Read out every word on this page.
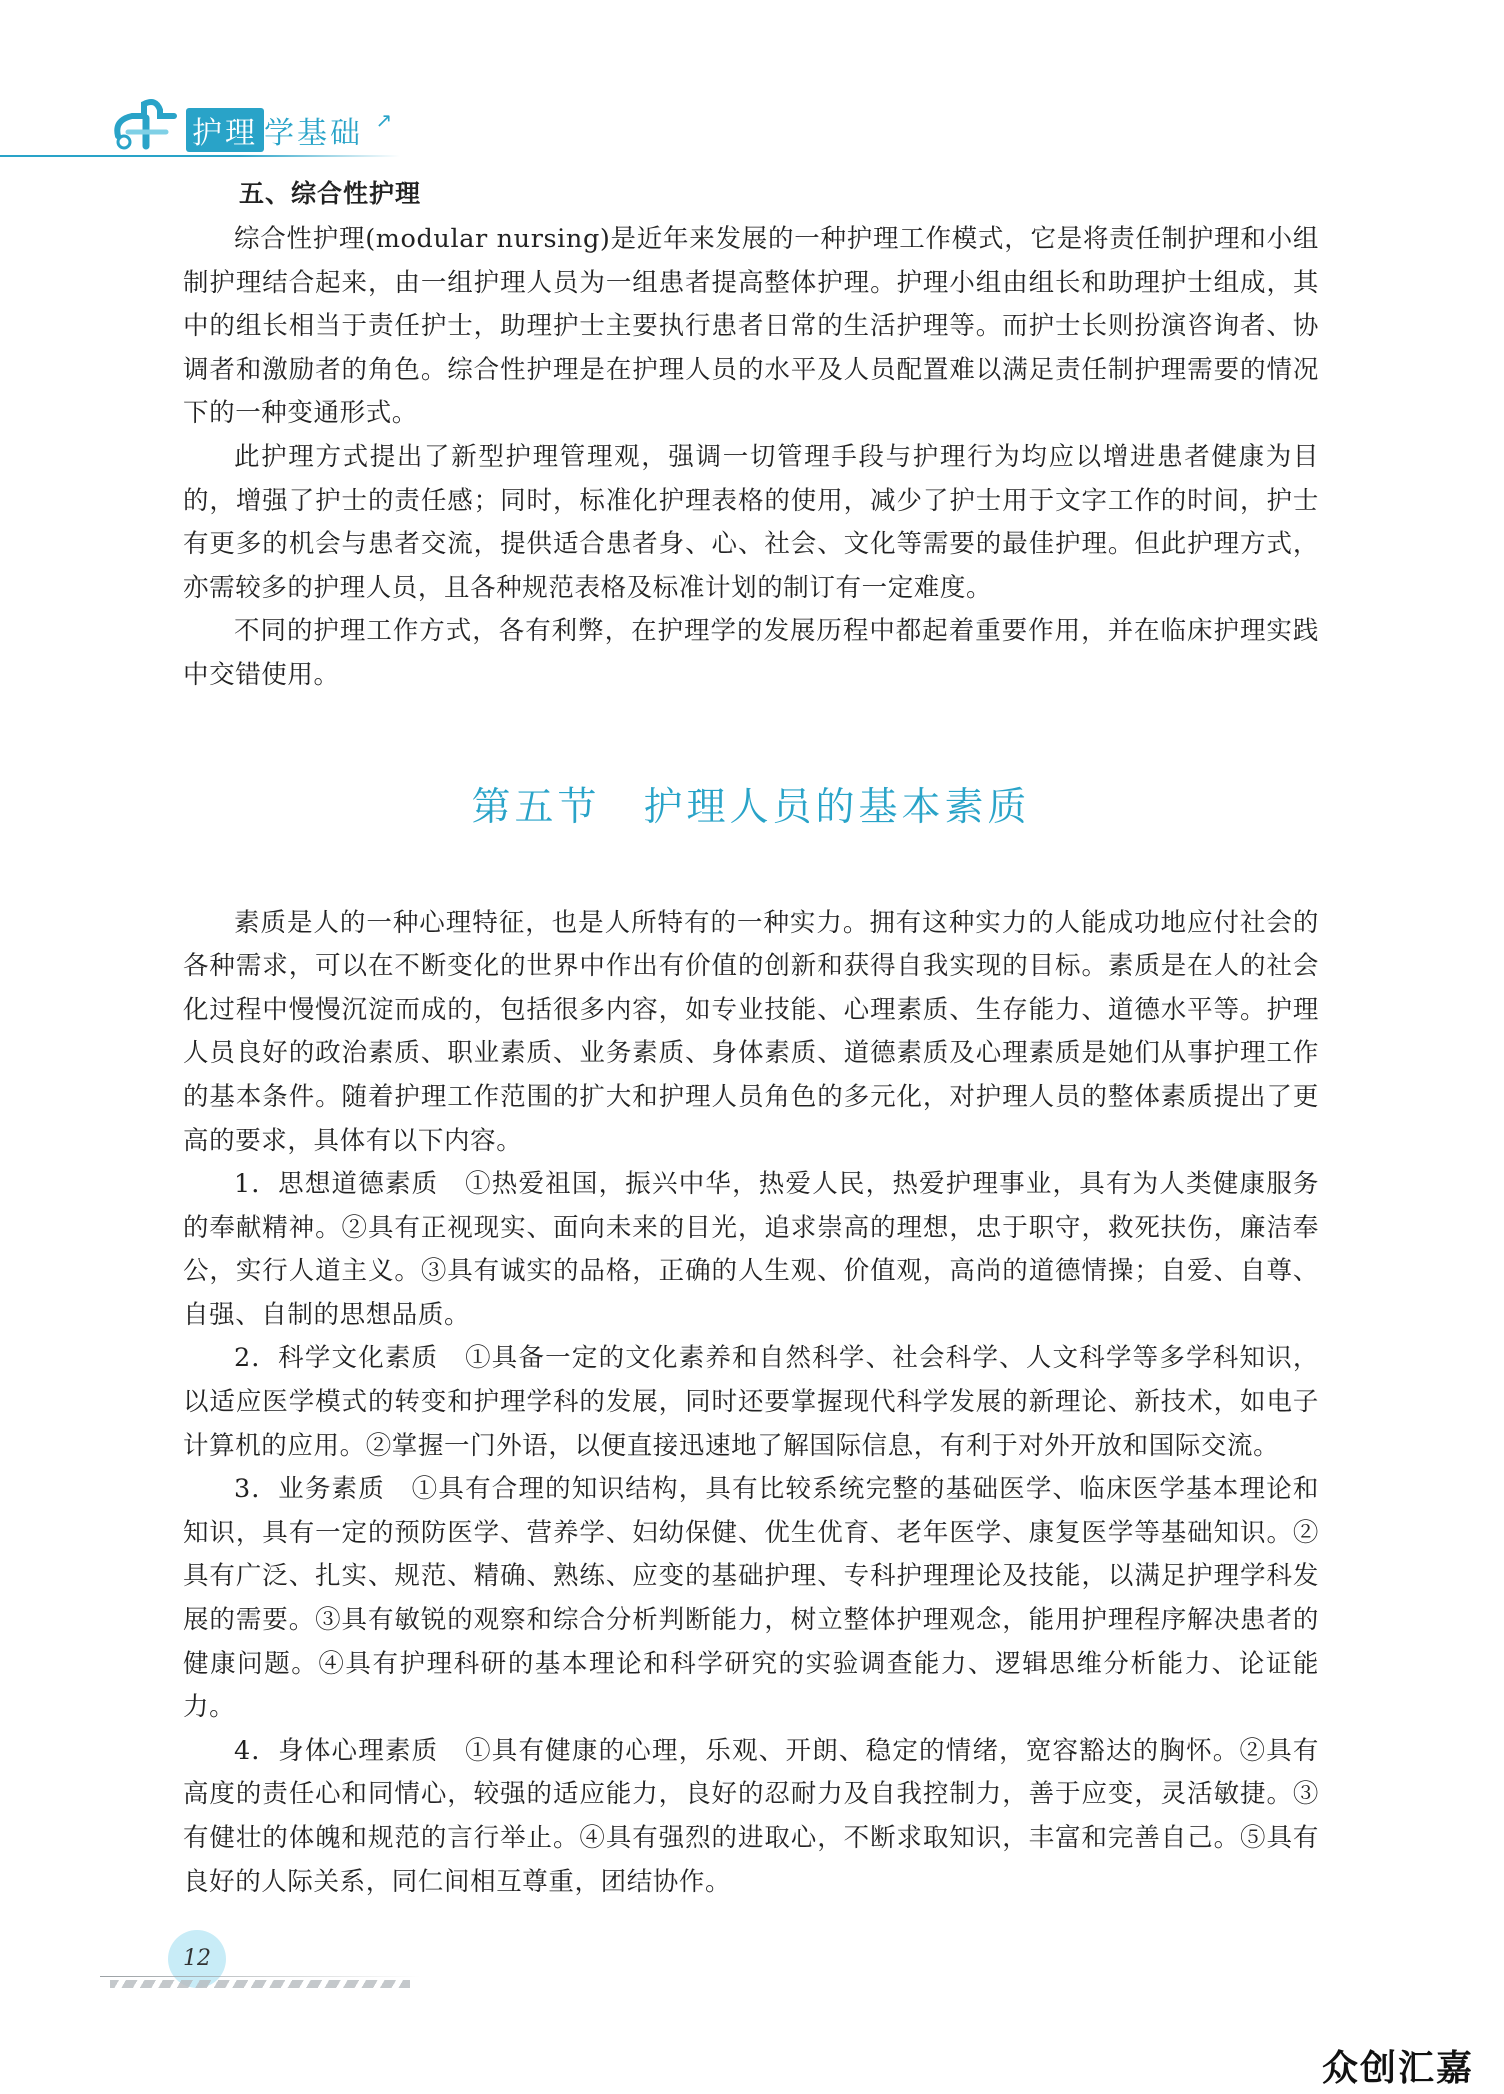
护理 学基础 ↗
五、综合性护理

综合性护理(modular nursing)是近年来发展的一种护理工作模式，它是将责任制护理和小组制护理结合起来，由一组护理人员为一组患者提高整体护理。护理小组由组长和助理护士组成，其中的组长相当于责任护士，助理护士主要执行患者日常的生活护理等。而护士长则扮演咨询者、协调者和激励者的角色。综合性护理是在护理人员的水平及人员配置难以满足责任制护理需要的情况下的一种变通形式。

此护理方式提出了新型护理管理观，强调一切管理手段与护理行为均应以增进患者健康为目的，增强了护士的责任感；同时，标准化护理表格的使用，减少了护士用于文字工作的时间，护士有更多的机会与患者交流，提供适合患者身、心、社会、文化等需要的最佳护理。但此护理方式，亦需较多的护理人员，且各种规范表格及标准计划的制订有一定难度。

不同的护理工作方式，各有利弊，在护理学的发展历程中都起着重要作用，并在临床护理实践中交错使用。

第五节　护理人员的基本素质

素质是人的一种心理特征，也是人所特有的一种实力。拥有这种实力的人能成功地应付社会的各种需求，可以在不断变化的世界中作出有价值的创新和获得自我实现的目标。素质是在人的社会化过程中慢慢沉淀而成的，包括很多内容，如专业技能、心理素质、生存能力、道德水平等。护理人员良好的政治素质、职业素质、业务素质、身体素质、道德素质及心理素质是她们从事护理工作的基本条件。随着护理工作范围的扩大和护理人员角色的多元化，对护理人员的整体素质提出了更高的要求，具体有以下内容。

1．思想道德素质　①热爱祖国，振兴中华，热爱人民，热爱护理事业，具有为人类健康服务的奉献精神。②具有正视现实、面向未来的目光，追求崇高的理想，忠于职守，救死扶伤，廉洁奉公，实行人道主义。③具有诚实的品格，正确的人生观、价值观，高尚的道德情操；自爱、自尊、自强、自制的思想品质。

2．科学文化素质　①具备一定的文化素养和自然科学、社会科学、人文科学等多学科知识，以适应医学模式的转变和护理学科的发展，同时还要掌握现代科学发展的新理论、新技术，如电子计算机的应用。②掌握一门外语，以便直接迅速地了解国际信息，有利于对外开放和国际交流。

3．业务素质　①具有合理的知识结构，具有比较系统完整的基础医学、临床医学基本理论和知识，具有一定的预防医学、营养学、妇幼保健、优生优育、老年医学、康复医学等基础知识。②具有广泛、扎实、规范、精确、熟练、应变的基础护理、专科护理理论及技能，以满足护理学科发展的需要。③具有敏锐的观察和综合分析判断能力，树立整体护理观念，能用护理程序解决患者的健康问题。④具有护理科研的基本理论和科学研究的实验调查能力、逻辑思维分析能力、论证能力。

4．身体心理素质　①具有健康的心理，乐观、开朗、稳定的情绪，宽容豁达的胸怀。②具有高度的责任心和同情心，较强的适应能力，良好的忍耐力及自我控制力，善于应变，灵活敏捷。③有健壮的体魄和规范的言行举止。④具有强烈的进取心，不断求取知识，丰富和完善自己。⑤具有良好的人际关系，同仁间相互尊重，团结协作。

12
众创汇嘉
